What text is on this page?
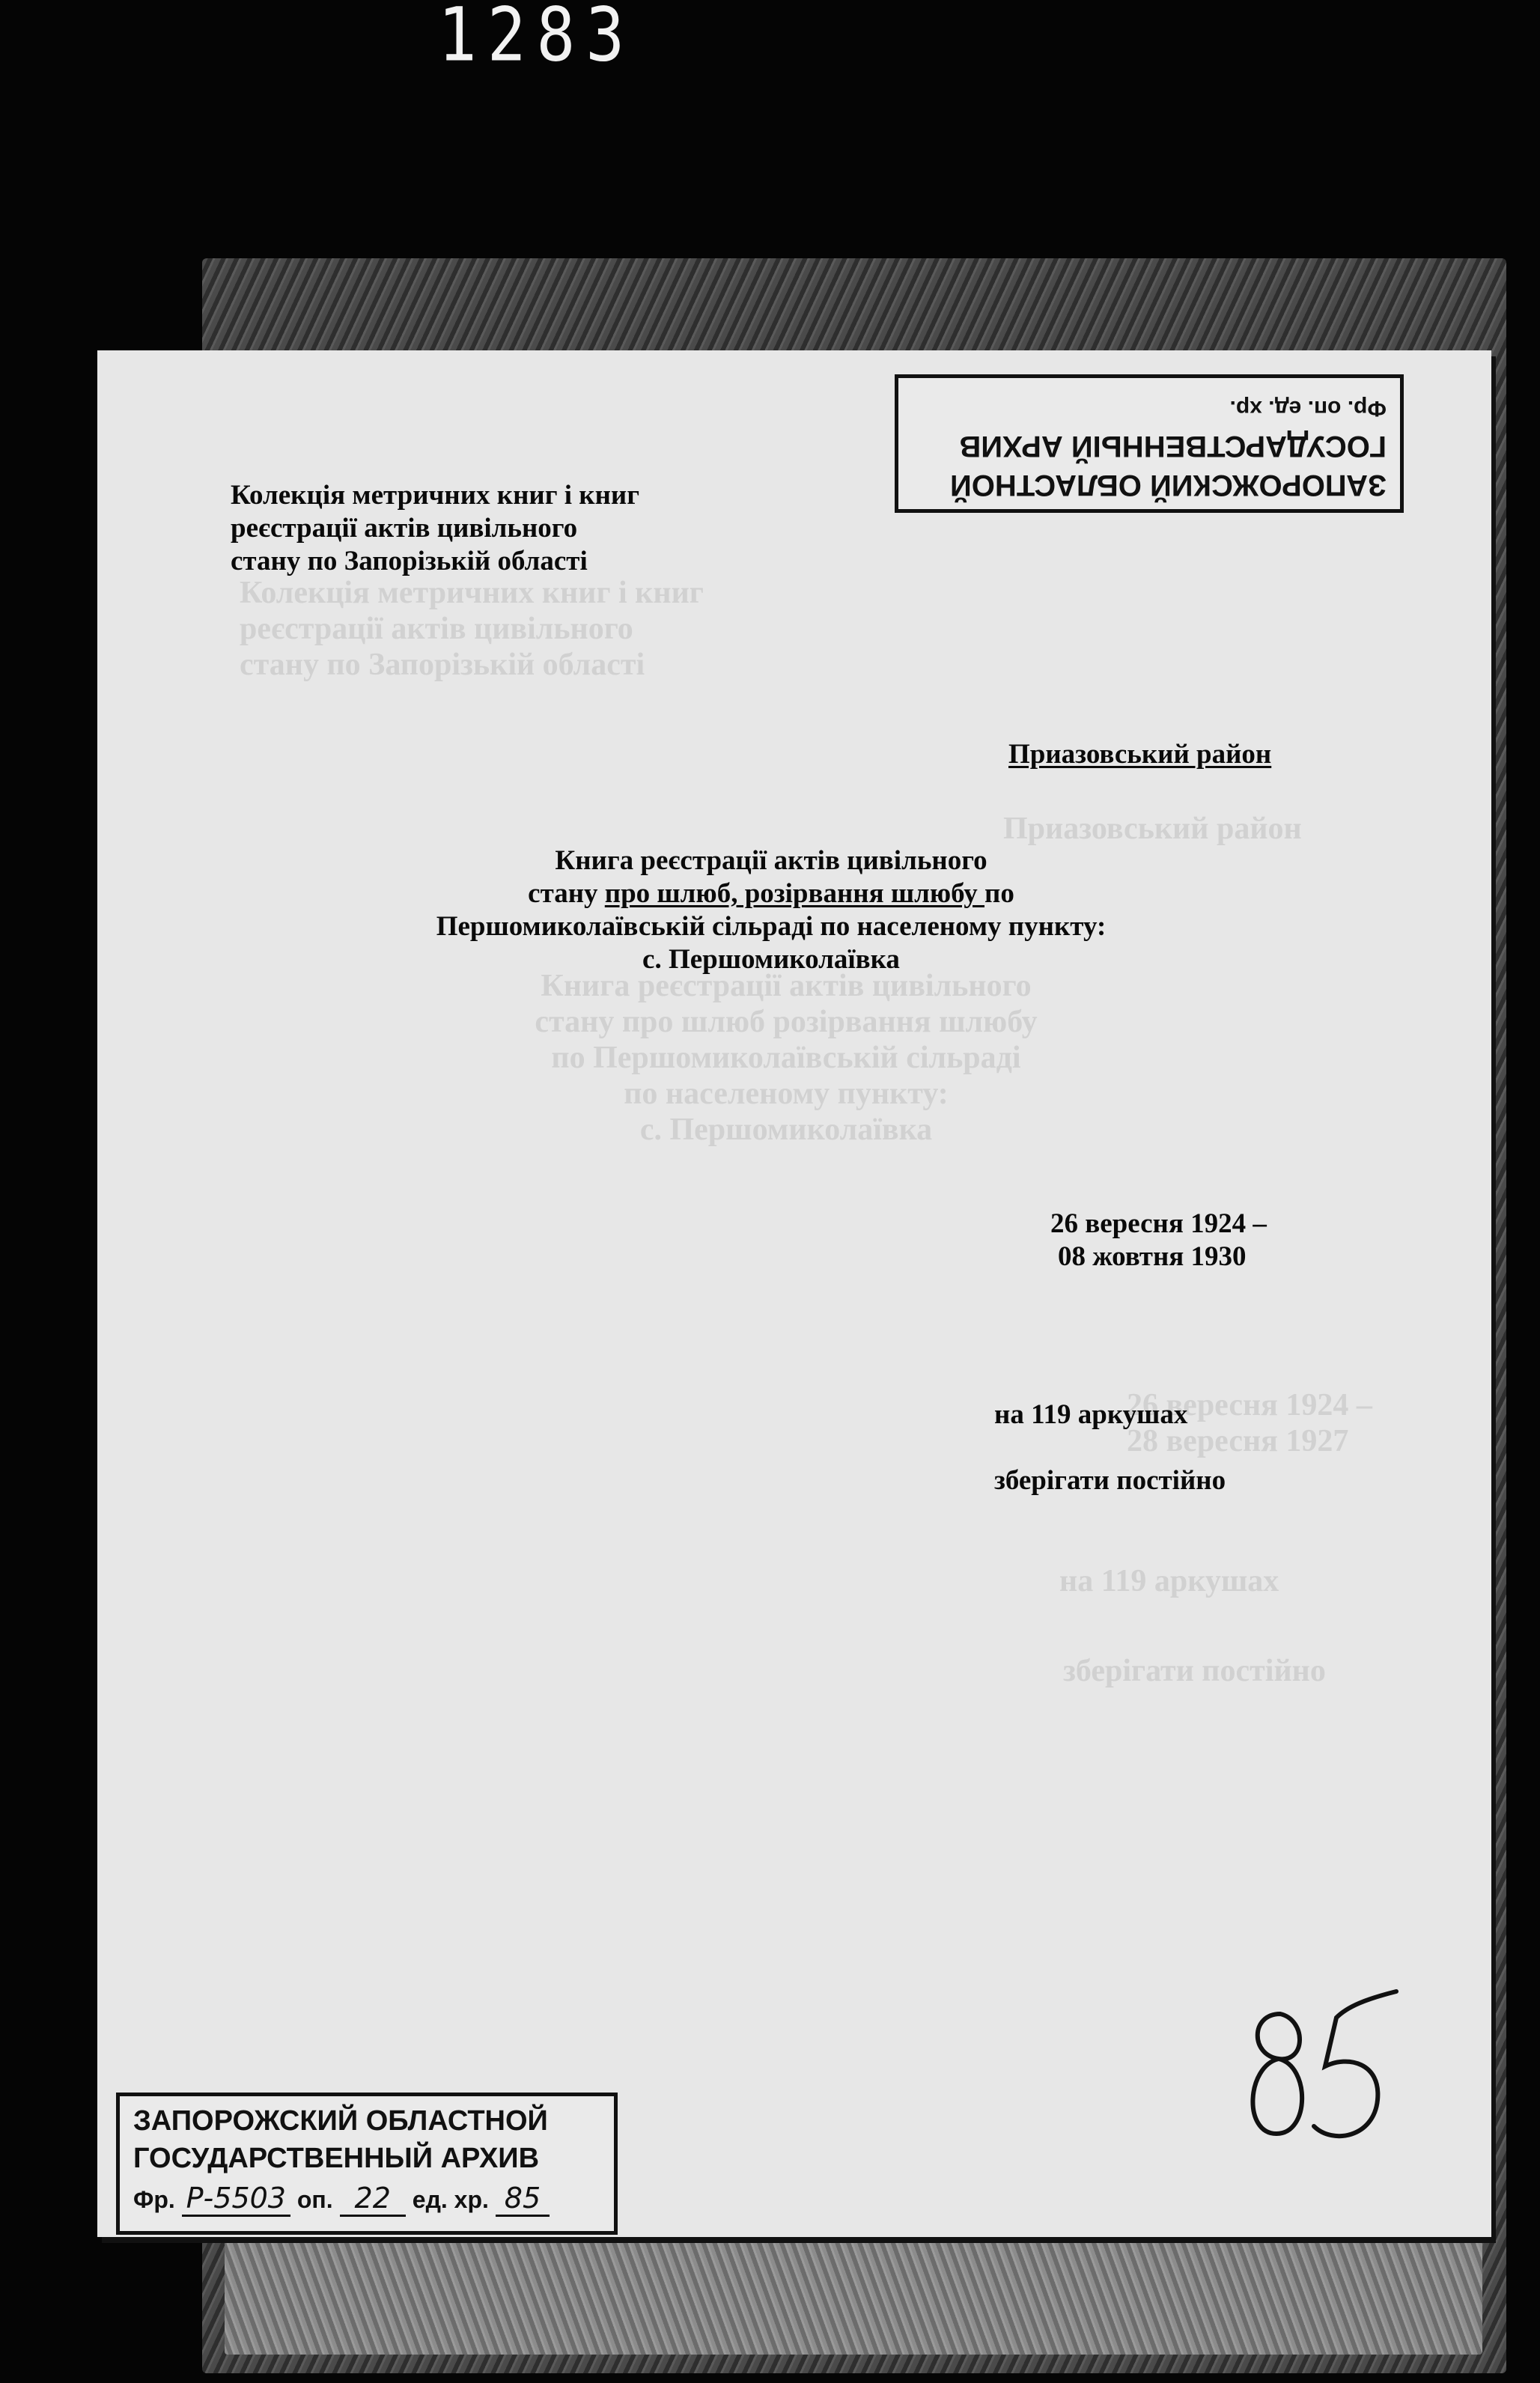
1283
Колекція метричних книг і книг
реєстрації актів цивільного
стану по Запорізькій області
Приазовський район
Книга реєстрації актів цивільного
стану про шлюб розірвання шлюбу
по Першомиколаївській сільраді
по населеному пункту:
с. Першомиколаївка
26 вересня 1924 –
28 вересня 1927
на 119 аркушах
зберігати постійно
Колекція метричних книг і книг
реєстрації актів цивільного
стану по Запорізькій області
Приазовський район
Книга реєстрації актів цивільного
стану про шлюб, розірвання шлюбу по
Першомиколаївській сільраді по населеному пункту:
с. Першомиколаївка
26 вересня 1924 –
08 жовтня 1930
на 119 аркушах
зберігати постійно
ЗАПОРОЖСКИЙ ОБЛАСТНОЙ
ГОСУДАРСТВЕННЫЙ АРХИВ
Фр. оп. ед. хр.
ЗАПОРОЖСКИЙ ОБЛАСТНОЙ
ГОСУДАРСТВЕННЫЙ АРХИВ
Фр. Р-5503 оп. 22 ед. хр. 85
